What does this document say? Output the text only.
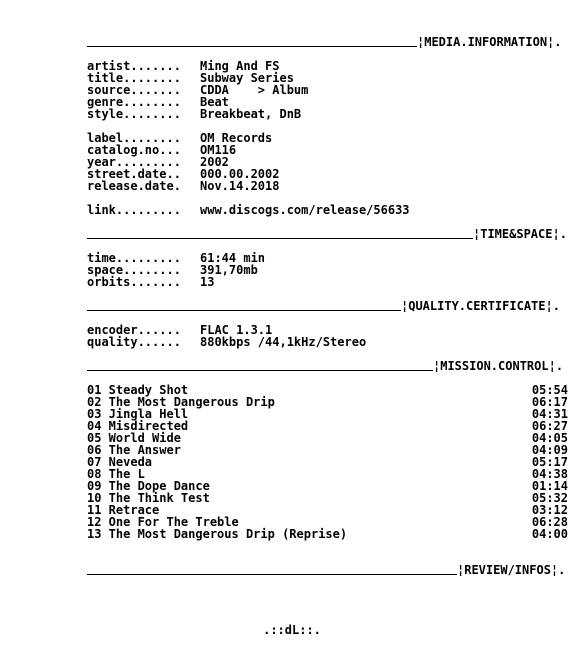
¦MEDIA.INFORMATION¦.
artist....... Ming And FS
title........ Subway Series
source....... CDDA    > Album
genre........ Beat
style........ Breakbeat, DnB
label........ OM Records
catalog.no... OM116
year......... 2002
street.date.. 000.00.2002
release.date. Nov.14.2018
link......... www.discogs.com/release/56633
¦TIME&SPACE¦.
time......... 61:44 min
space........ 391,70mb
orbits....... 13
¦QUALITY.CERTIFICATE¦.
encoder...... FLAC 1.3.1
quality...... 880kbps /44,1kHz/Stereo
¦MISSION.CONTROL¦.
01 Steady Shot	05:54
02 The Most Dangerous Drip	06:17
03 Jingla Hell	04:31
04 Misdirected	06:27
05 World Wide	04:05
06 The Answer	04:09
07 Neveda	05:17
08 The L	04:38
09 The Dope Dance	01:14
10 The Think Test	05:32
11 Retrace	03:12
12 One For The Treble	06:28
13 The Most Dangerous Drip (Reprise)	04:00
¦REVIEW/INFOS¦.
.::dL::.
